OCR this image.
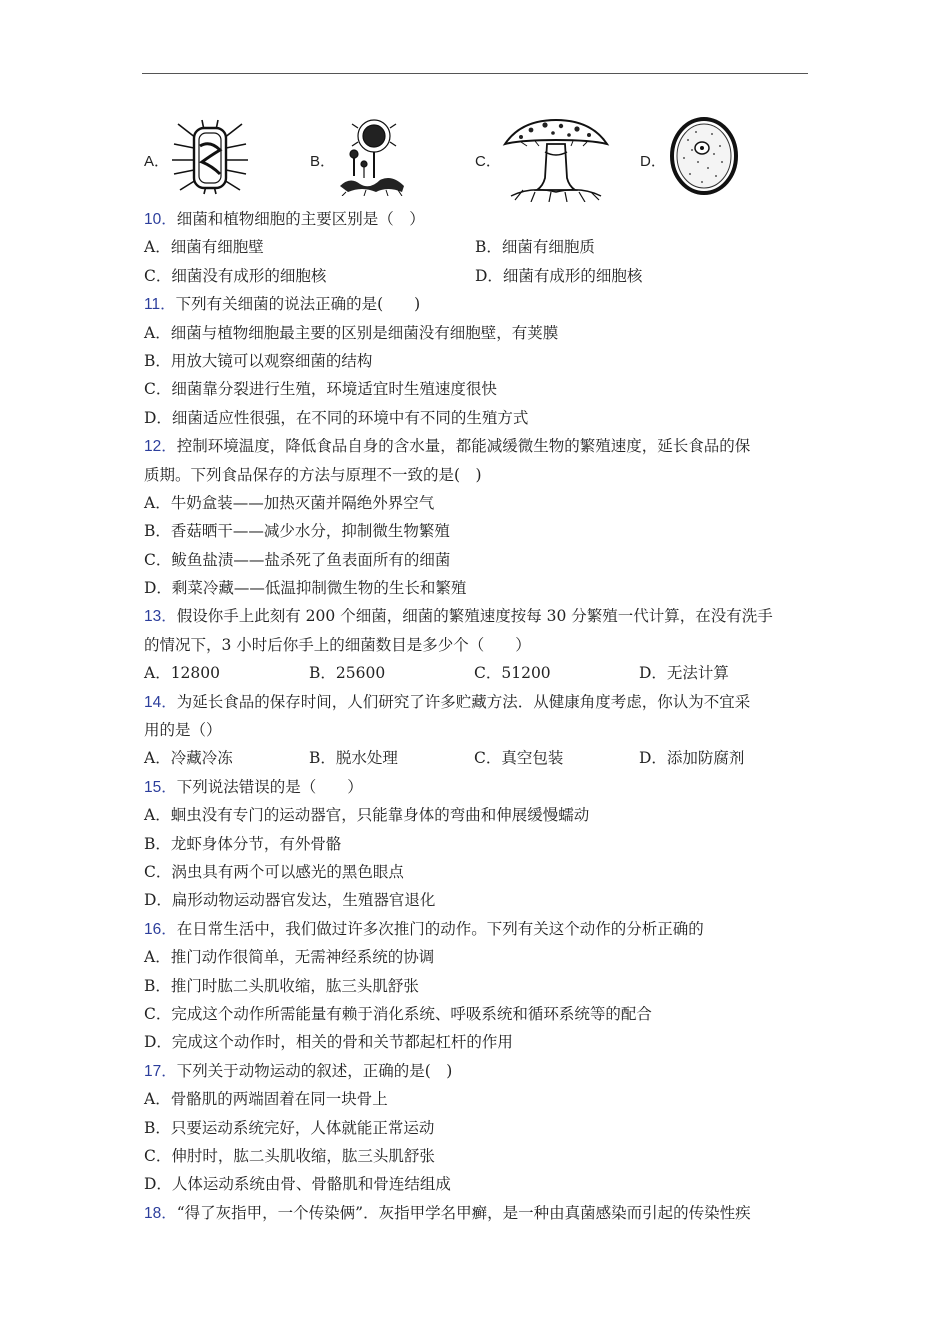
A．	B．	C．	D．
10．细菌和植物细胞的主要区别是（　）
A．细菌有细胞壁	B．细菌有细胞质
C．细菌没有成形的细胞核	D．细菌有成形的细胞核
11．下列有关细菌的说法正确的是(　　)
A．细菌与植物细胞最主要的区别是细菌没有细胞壁，有荚膜
B．用放大镜可以观察细菌的结构
C．细菌靠分裂进行生殖，环境适宜时生殖速度很快
D．细菌适应性很强，在不同的环境中有不同的生殖方式
12．控制环境温度，降低食品自身的含水量，都能减缓微生物的繁殖速度，延长食品的保
质期。下列食品保存的方法与原理不一致的是(　)
A．牛奶盒装——加热灭菌并隔绝外界空气
B．香菇晒干——减少水分，抑制微生物繁殖
C．鲅鱼盐渍——盐杀死了鱼表面所有的细菌
D．剩菜冷藏——低温抑制微生物的生长和繁殖
13．假设你手上此刻有 200 个细菌，细菌的繁殖速度按每 30 分繁殖一代计算，在没有洗手
的情况下，3 小时后你手上的细菌数目是多少个（　　）
A．12800	B．25600	C．51200	D．无法计算
14．为延长食品的保存时间，人们研究了许多贮藏方法．从健康角度考虑，你认为不宜采
用的是（）
A．冷藏冷冻	B．脱水处理	C．真空包装	D．添加防腐剂
15．下列说法错误的是（　　）
A．蛔虫没有专门的运动器官，只能靠身体的弯曲和伸展缓慢蠕动
B．龙虾身体分节，有外骨骼
C．涡虫具有两个可以感光的黑色眼点
D．扁形动物运动器官发达，生殖器官退化
16．在日常生活中，我们做过许多次推门的动作。下列有关这个动作的分析正确的
A．推门动作很简单，无需神经系统的协调
B．推门时肱二头肌收缩，肱三头肌舒张
C．完成这个动作所需能量有赖于消化系统、呼吸系统和循环系统等的配合
D．完成这个动作时，相关的骨和关节都起杠杆的作用
17．下列关于动物运动的叙述，正确的是(　)
A．骨骼肌的两端固着在同一块骨上
B．只要运动系统完好，人体就能正常运动
C．伸肘时，肱二头肌收缩，肱三头肌舒张
D．人体运动系统由骨、骨骼肌和骨连结组成
18．“得了灰指甲，一个传染俩”．灰指甲学名甲癣，是一种由真菌感染而引起的传染性疾
